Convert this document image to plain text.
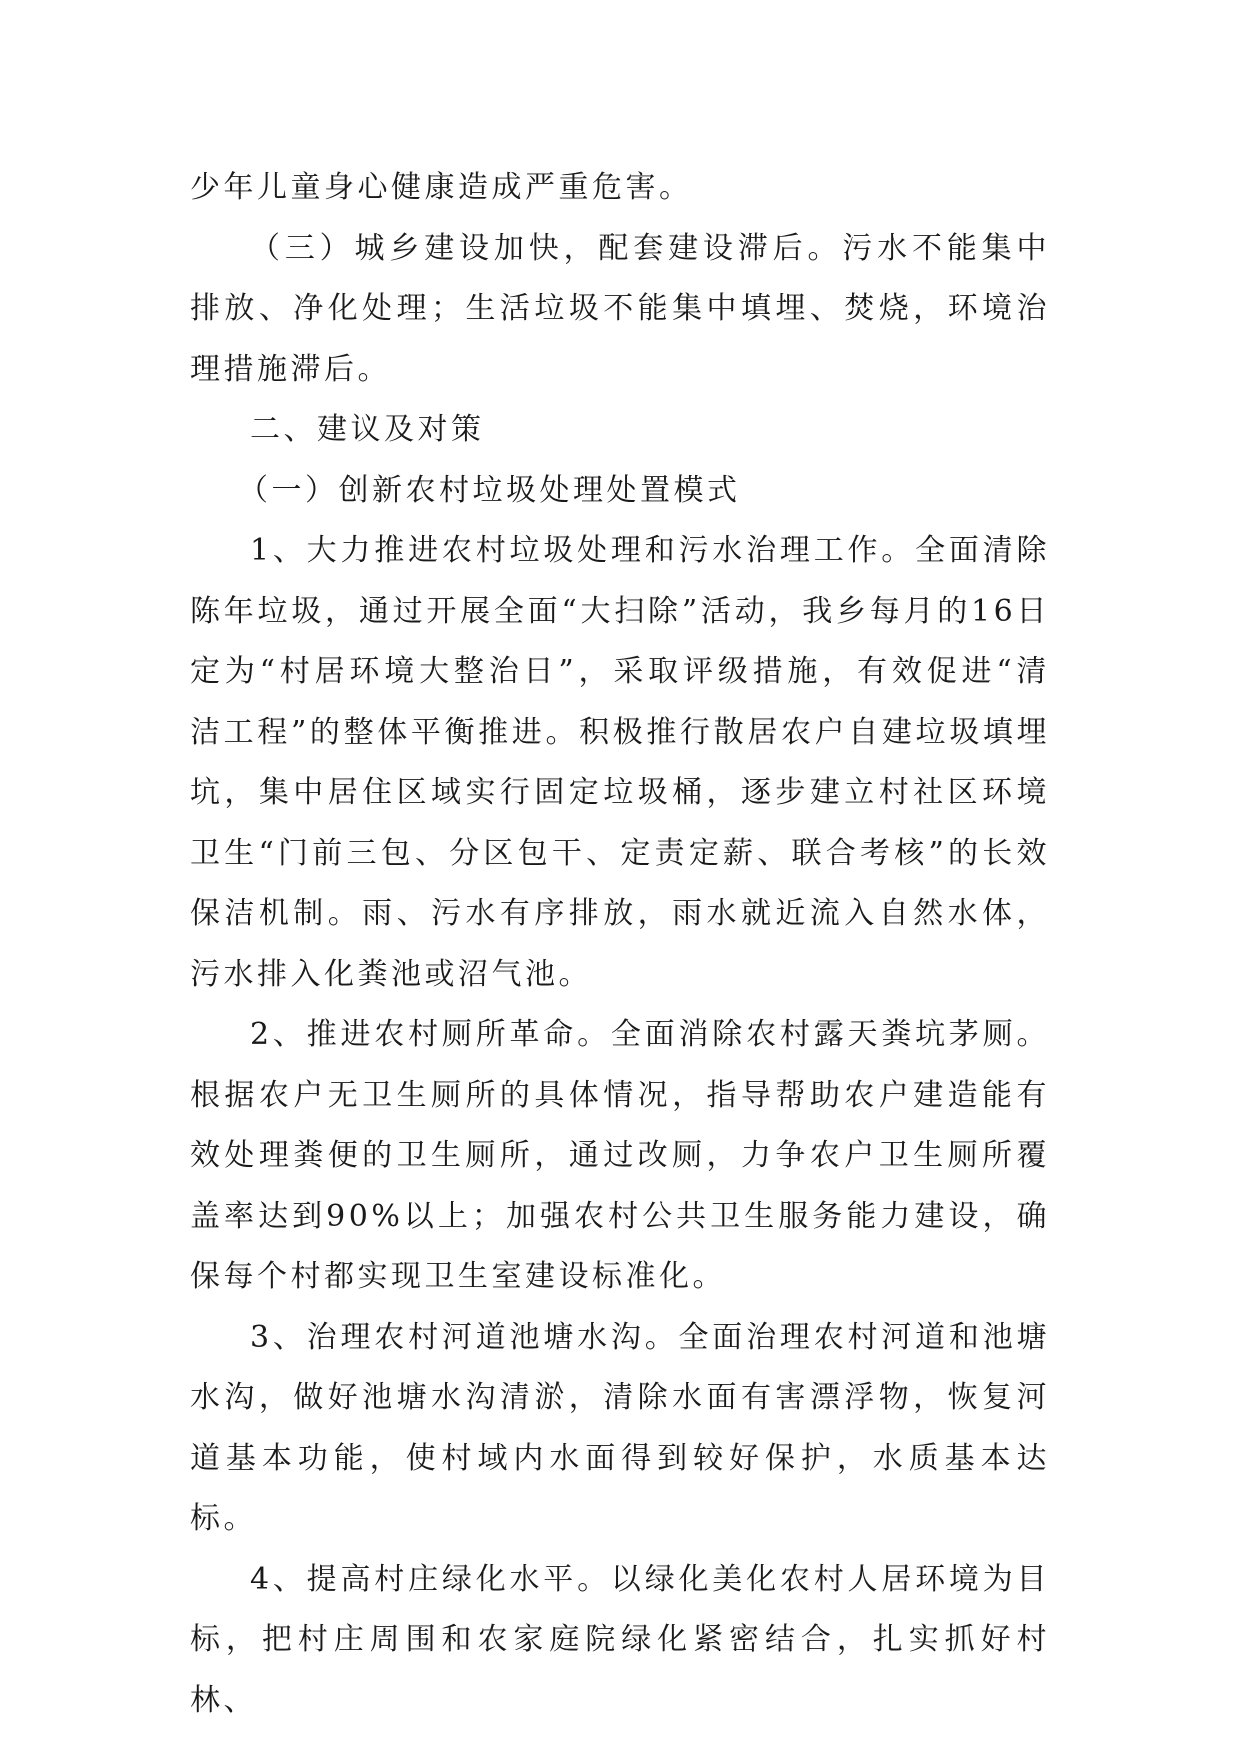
少年儿童身心健康造成严重危害。

（三）城乡建设加快，配套建设滞后。污水不能集中排放、净化处理；生活垃圾不能集中填埋、焚烧，环境治理措施滞后。

二、建议及对策

（一）创新农村垃圾处理处置模式

1、大力推进农村垃圾处理和污水治理工作。全面清除陈年垃圾，通过开展全面“大扫除”活动，我乡每月的16日定为“村居环境大整治日”，采取评级措施，有效促进“清洁工程”的整体平衡推进。积极推行散居农户自建垃圾填埋坑，集中居住区域实行固定垃圾桶，逐步建立村社区环境卫生“门前三包、分区包干、定责定薪、联合考核”的长效保洁机制。雨、污水有序排放，雨水就近流入自然水体，污水排入化粪池或沼气池。

2、推进农村厕所革命。全面消除农村露天粪坑茅厕。根据农户无卫生厕所的具体情况，指导帮助农户建造能有效处理粪便的卫生厕所，通过改厕，力争农户卫生厕所覆盖率达到90%以上；加强农村公共卫生服务能力建设，确保每个村都实现卫生室建设标准化。

3、治理农村河道池塘水沟。全面治理农村河道和池塘水沟，做好池塘水沟清淤，清除水面有害漂浮物，恢复河道基本功能，使村域内水面得到较好保护，水质基本达标。

4、提高村庄绿化水平。以绿化美化农村人居环境为目标，把村庄周围和农家庭院绿化紧密结合，扎实抓好村林、
